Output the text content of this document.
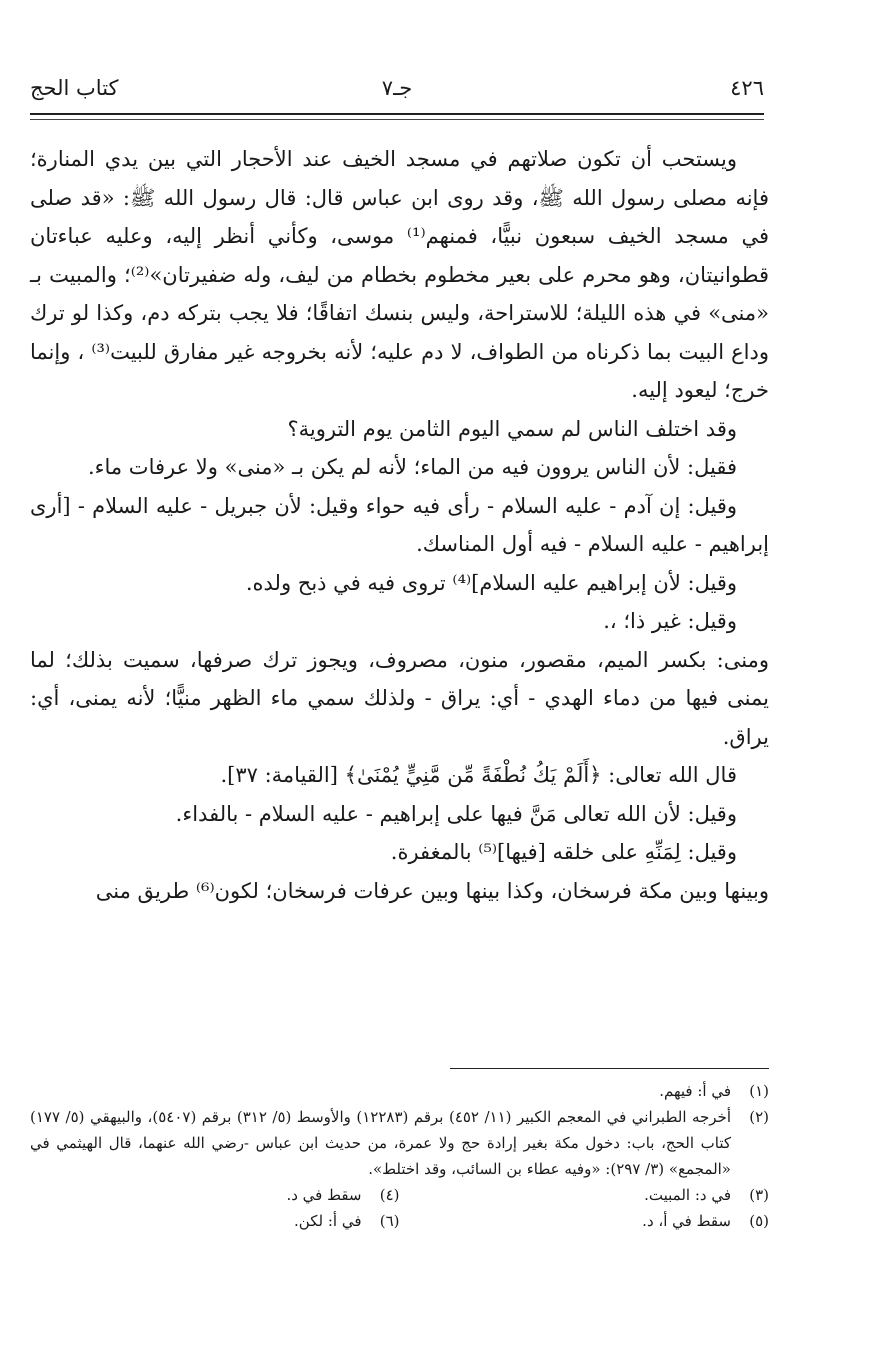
٤٢٦
جـ٧
كتاب الحج

ويستحب أن تكون صلاتهم في مسجد الخيف عند الأحجار التي بين يدي المنارة؛ فإنه مصلى رسول الله ﷺ، وقد روى ابن عباس قال: قال رسول الله ﷺ: «قد صلى في مسجد الخيف سبعون نبيًّا، فمنهم⁽¹⁾ موسى، وكأني أنظر إليه، وعليه عباءتان قطوانيتان، وهو محرم على بعير مخطوم بخطام من ليف، وله ضفيرتان»⁽²⁾؛ والمبيت بـ «منى» في هذه الليلة؛ للاستراحة، وليس بنسك اتفاقًا؛ فلا يجب بتركه دم، وكذا لو ترك وداع البيت بما ذكرناه من الطواف، لا دم عليه؛ لأنه بخروجه غير مفارق للبيت⁽³⁾ ، وإنما خرج؛ ليعود إليه.

وقد اختلف الناس لم سمي اليوم الثامن يوم التروية؟

فقيل: لأن الناس يروون فيه من الماء؛ لأنه لم يكن بـ «منى» ولا عرفات ماء.

وقيل: إن آدم - عليه السلام - رأى فيه حواء وقيل: لأن جبريل - عليه السلام - [أرى إبراهيم - عليه السلام - فيه أول المناسك.

وقيل: لأن إبراهيم عليه السلام]⁽⁴⁾ تروى فيه في ذبح ولده.

وقيل: غير ذا؛ ،.

ومنى: بكسر الميم، مقصور، منون، مصروف، ويجوز ترك صرفها، سميت بذلك؛ لما يمنى فيها من دماء الهدي - أي: يراق - ولذلك سمي ماء الظهر منيًّا؛ لأنه يمنى، أي: يراق.

قال الله تعالى: ﴿أَلَمْ يَكُ نُطْفَةً مِّن مَّنِيٍّ يُمْنَىٰ﴾ [القيامة: ٣٧].

وقيل: لأن الله تعالى مَنَّ فيها على إبراهيم - عليه السلام - بالفداء.

وقيل: لِمَنِّهِ على خلقه [فيها]⁽⁵⁾ بالمغفرة.

وبينها وبين مكة فرسخان، وكذا بينها وبين عرفات فرسخان؛ لكون⁽⁶⁾ طريق منى

(١)
في أ: فيهم.
(٢)
أخرجه الطبراني في المعجم الكبير (١١/ ٤٥٢) برقم (١٢٢٨٣) والأوسط (٥/ ٣١٢) برقم (٥٤٠٧)، والبيهقي (٥/ ١٧٧) كتاب الحج، باب: دخول مكة بغير إرادة حج ولا عمرة، من حديث ابن عباس -رضي الله عنهما، قال الهيثمي في «المجمع» (٣/ ٢٩٧): «وفيه عطاء بن السائب، وقد اختلط».
(٣)
في د: المبيت.
(٤)
سقط في د.
(٥)
سقط في أ، د.
(٦)
في أ: لكن.
